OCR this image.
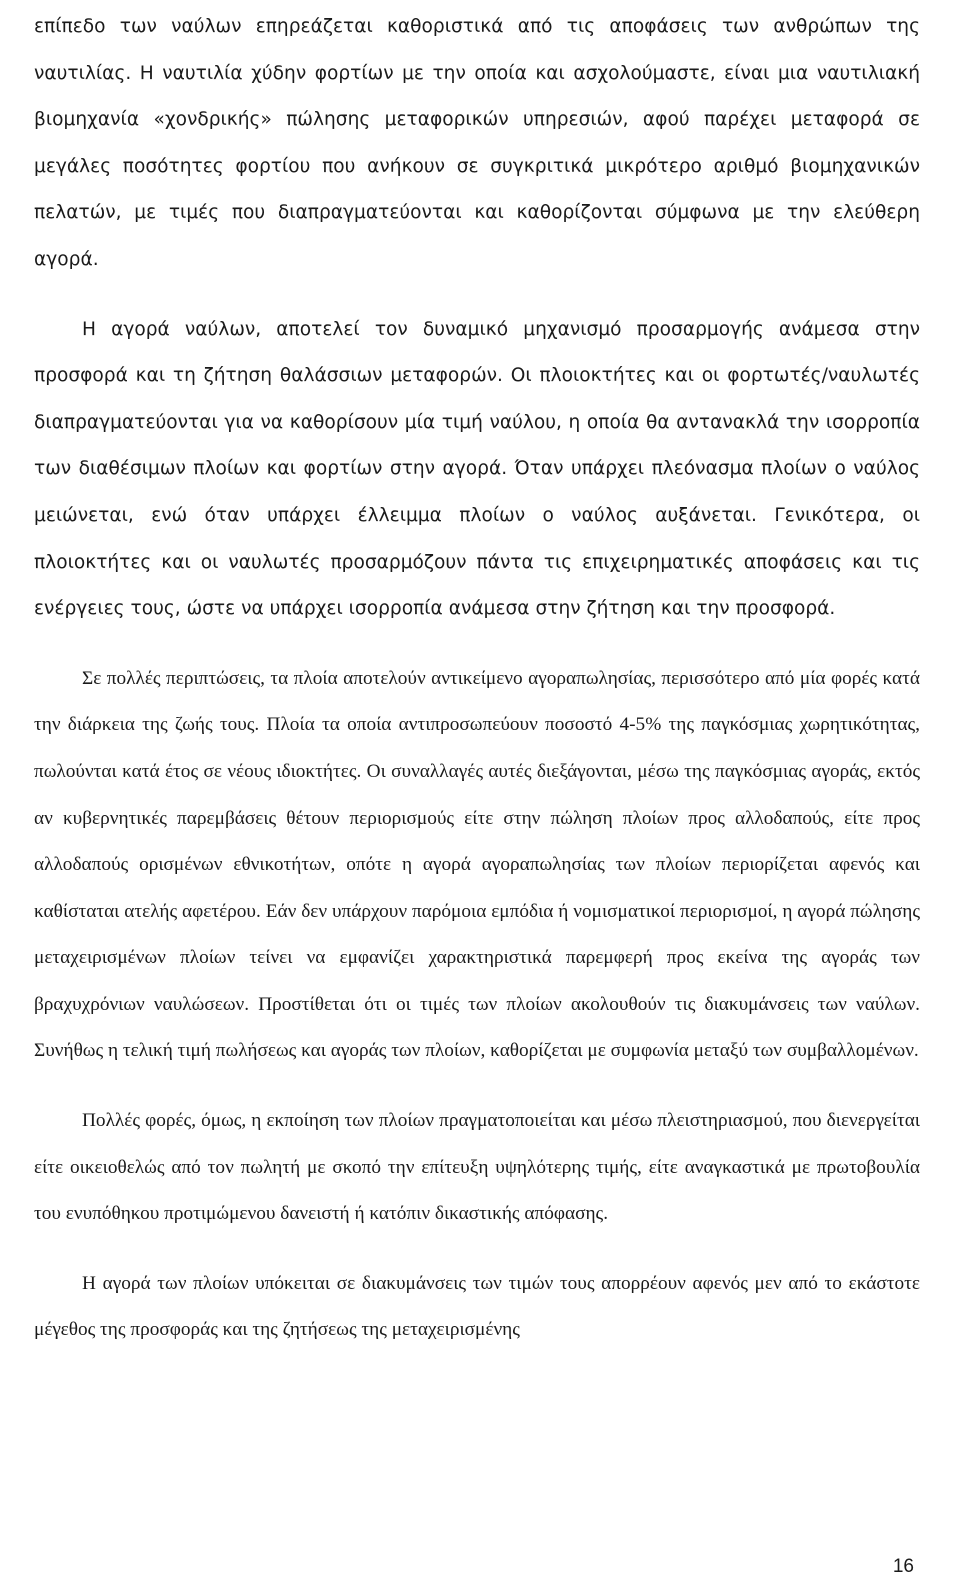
επίπεδο των ναύλων επηρεάζεται καθοριστικά από τις αποφάσεις των ανθρώπων της ναυτιλίας. Η ναυτιλία χύδην φορτίων με την οποία και ασχολούμαστε, είναι μια ναυτιλιακή βιομηχανία «χονδρικής» πώλησης μεταφορικών υπηρεσιών, αφού παρέχει μεταφορά σε μεγάλες ποσότητες φορτίου που ανήκουν σε συγκριτικά μικρότερο αριθμό βιομηχανικών πελατών, με τιμές που διαπραγματεύονται και καθορίζονται σύμφωνα με την ελεύθερη αγορά.

Η αγορά ναύλων, αποτελεί τον δυναμικό μηχανισμό προσαρμογής ανάμεσα στην προσφορά και τη ζήτηση θαλάσσιων μεταφορών. Οι πλοιοκτήτες και οι φορτωτές/ναυλωτές διαπραγματεύονται για να καθορίσουν μία τιμή ναύλου, η οποία θα αντανακλά την ισορροπία των διαθέσιμων πλοίων και φορτίων στην αγορά. Όταν υπάρχει πλεόνασμα πλοίων ο ναύλος μειώνεται, ενώ όταν υπάρχει έλλειμμα πλοίων ο ναύλος αυξάνεται. Γενικότερα, οι πλοιοκτήτες και οι ναυλωτές προσαρμόζουν πάντα τις επιχειρηματικές αποφάσεις και τις ενέργειες τους, ώστε να υπάρχει ισορροπία ανάμεσα στην ζήτηση και την προσφορά.

Σε πολλές περιπτώσεις, τα πλοία αποτελούν αντικείμενο αγοραπωλησίας, περισσότερο από μία φορές κατά την διάρκεια της ζωής τους. Πλοία τα οποία αντιπροσωπεύουν ποσοστό 4-5% της παγκόσμιας χωρητικότητας, πωλούνται κατά έτος σε νέους ιδιοκτήτες. Οι συναλλαγές αυτές διεξάγονται, μέσω της παγκόσμιας αγοράς, εκτός αν κυβερνητικές παρεμβάσεις θέτουν περιορισμούς είτε στην πώληση πλοίων προς αλλοδαπούς, είτε προς αλλοδαπούς ορισμένων εθνικοτήτων, οπότε η αγορά αγοραπωλησίας των πλοίων περιορίζεται αφενός και καθίσταται ατελής αφετέρου. Εάν δεν υπάρχουν παρόμοια εμπόδια ή νομισματικοί περιορισμοί, η αγορά πώλησης μεταχειρισμένων πλοίων τείνει να εμφανίζει χαρακτηριστικά παρεμφερή προς εκείνα της αγοράς των βραχυχρόνιων ναυλώσεων. Προστίθεται ότι οι τιμές των πλοίων ακολουθούν τις διακυμάνσεις των ναύλων. Συνήθως η τελική τιμή πωλήσεως και αγοράς των πλοίων, καθορίζεται με συμφωνία μεταξύ των συμβαλλομένων.

Πολλές φορές, όμως, η εκποίηση των πλοίων πραγματοποιείται και μέσω πλειστηριασμού, που διενεργείται είτε οικειοθελώς από τον πωλητή με σκοπό την επίτευξη υψηλότερης τιμής, είτε αναγκαστικά με πρωτοβουλία του ενυπόθηκου προτιμώμενου δανειστή ή κατόπιν δικαστικής απόφασης.

Η αγορά των πλοίων υπόκειται σε διακυμάνσεις των τιμών τους απορρέουν αφενός μεν από το εκάστοτε μέγεθος της προσφοράς και της ζητήσεως της μεταχειρισμένης

16
